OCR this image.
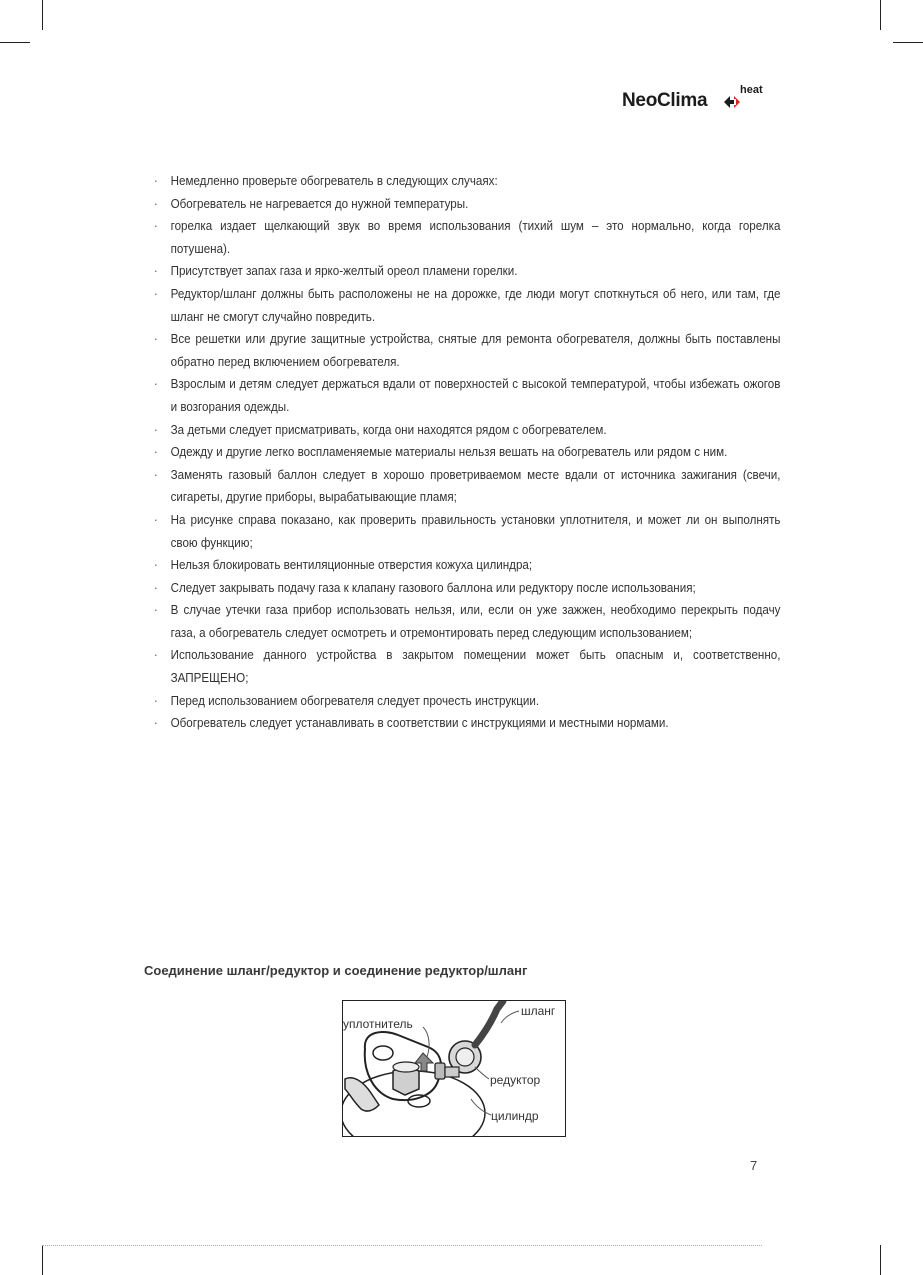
NeoClima	heat
· Немедленно проверьте обогреватель в следующих случаях:
· Обогреватель не нагревается до нужной температуры.
· горелка издает щелкающий звук во время использования (тихий шум – это нормально, когда горелка потушена).
· Присутствует запах газа и ярко-желтый ореол пламени горелки.
· Редуктор/шланг должны быть расположены не на дорожке, где люди могут споткнуться об него, или там, где шланг не смогут случайно повредить.
· Все решетки или другие защитные устройства, снятые для ремонта обогревателя, должны быть поставлены обратно перед включением обогревателя.
· Взрослым и детям следует держаться вдали от поверхностей с высокой температурой, чтобы избежать ожогов и возгорания одежды.
· За детьми следует присматривать, когда они находятся рядом с обогревателем.
· Одежду и другие легко воспламеняемые материалы нельзя вешать на обогреватель или рядом с ним.
· Заменять газовый баллон следует в хорошо проветриваемом месте вдали от источника зажигания (свечи, сигареты, другие приборы, вырабатывающие пламя;
· На рисунке справа показано, как проверить правильность установки уплотнителя, и может ли он выполнять свою функцию;
· Нельзя блокировать вентиляционные отверстия кожуха цилиндра;
· Следует закрывать подачу газа к клапану газового баллона или редуктору после использования;
· В случае утечки газа прибор использовать нельзя, или, если он уже зажжен, необходимо перекрыть подачу газа, а обогреватель следует осмотреть и отремонтировать перед следующим использованием;
· Использование данного устройства в закрытом помещении может быть опасным и, соответственно, ЗАПРЕЩЕНО;
· Перед использованием обогревателя следует прочесть инструкции.
· Обогреватель следует устанавливать в соответствии с инструкциями и местными нормами.
Соединение шланг/редуктор и соединение редуктор/шланг
уплотнитель
шланг
редуктор
цилиндр
7
